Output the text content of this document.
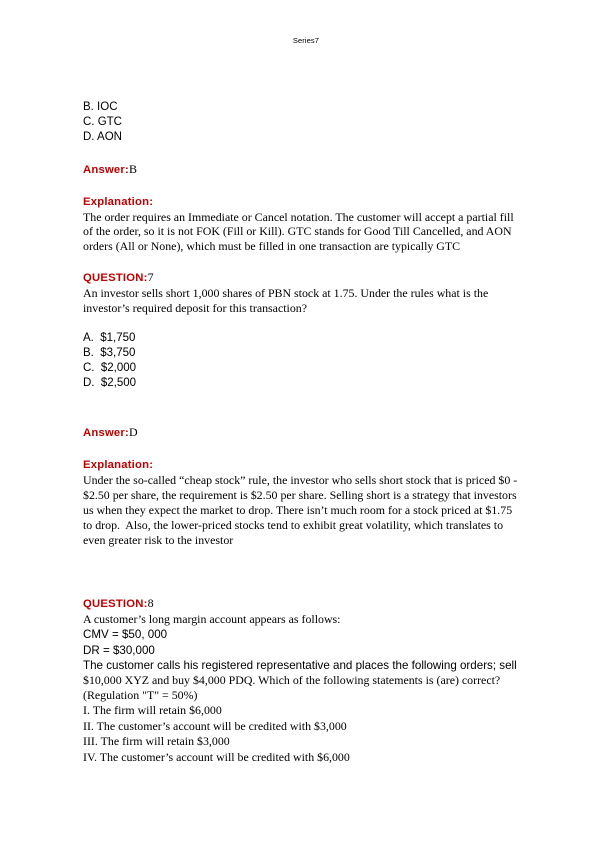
Series7
B. IOC
C. GTC
D. AON

Answer:B

Explanation:

The order requires an Immediate or Cancel notation. The customer will accept a partial fill
of the order, so it is not FOK (Fill or Kill). GTC stands for Good Till Cancelled, and AON
orders (All or None), which must be filled in one transaction are typically GTC

QUESTION:7

An investor sells short 1,000 shares of PBN stock at 1.75. Under the rules what is the
investor’s required deposit for this transaction?

A.  $1,750
B.  $3,750
C.  $2,000
D.  $2,500

Answer:D

Explanation:

Under the so-called “cheap stock” rule, the investor who sells short stock that is priced $0 -
$2.50 per share, the requirement is $2.50 per share. Selling short is a strategy that investors
us when they expect the market to drop. There isn’t much room for a stock priced at $1.75
to drop.  Also, the lower-priced stocks tend to exhibit great volatility, which translates to
even greater risk to the investor

QUESTION:8

A customer’s long margin account appears as follows:

CMV = $50, 000
DR = $30,000
The customer calls his registered representative and places the following orders; sell

$10,000 XYZ and buy $4,000 PDQ. Which of the following statements is (are) correct?
(Regulation "T" = 50%)

I. The firm will retain $6,000
II. The customer’s account will be credited with $3,000
III. The firm will retain $3,000
IV. The customer’s account will be credited with $6,000
